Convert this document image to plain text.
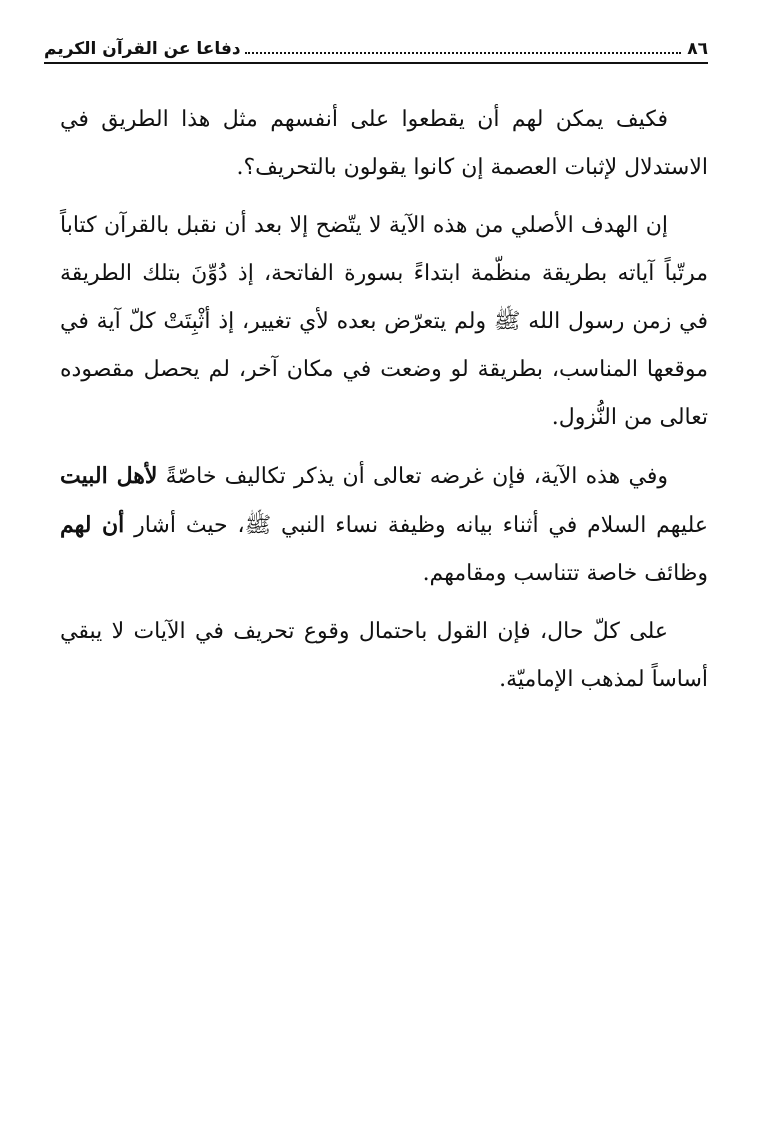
٨٦
دفاعا عن القرآن الكريم

فكيف يمكن لهم أن يقطعوا على أنفسهم مثل هذا الطريق في الاستدلال لإثبات العصمة إن كانوا يقولون بالتحريف؟.

إن الهدف الأصلي من هذه الآية لا يتّضح إلا بعد أن نقبل بالقرآن كتاباً مرتّباً آياته بطريقة منظّمة ابتداءً بسورة الفاتحة، إذ دُوِّنَ بتلك الطريقة في زمن رسول الله ﷺ ولم يتعرّض بعده لأي تغيير، إذ أثْبِتَتْ كلّ آية في موقعها المناسب، بطريقة لو وضعت في مكان آخر، لم يحصل مقصوده تعالى من النُّزول.

وفي هذه الآية، فإن غرضه تعالى أن يذكر تكاليف خاصّةً لأهل البيت عليهم السلام في أثناء بيانه وظيفة نساء النبي ﷺ، حيث أشار أن لهم وظائف خاصة تتناسب ومقامهم.

على كلّ حال، فإن القول باحتمال وقوع تحريف في الآيات لا يبقي أساساً لمذهب الإماميّة.
